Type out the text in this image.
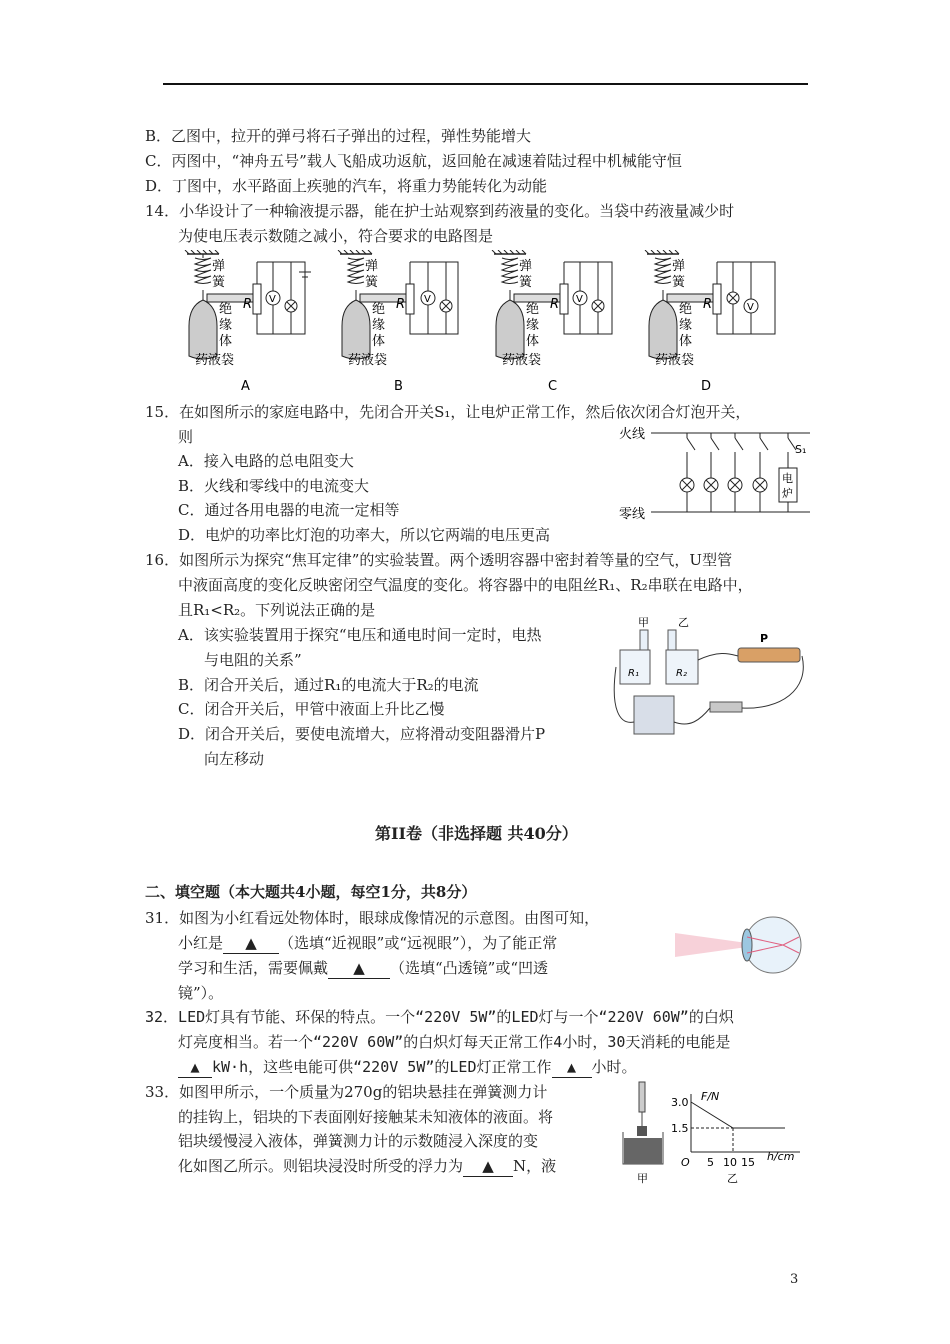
B．乙图中，拉开的弹弓将石子弹出的过程，弹性势能增大
C．丙图中，“神舟五号”载人飞船成功返航，返回舱在减速着陆过程中机械能守恒
D．丁图中，水平路面上疾驰的汽车，将重力势能转化为动能
14．小华设计了一种输液提示器，能在护士站观察到药液量的变化。当袋中药液量减少时
为使电压表示数随之减小，符合要求的电路图是
弹
簧
绝
缘
体
药液袋
R V
A
弹
簧
绝
缘
体
药液袋
R V
B
弹
簧
绝
缘
体
药液袋
R V
C
弹
簧
绝
缘
体
药液袋
R	V
D
15．在如图所示的家庭电路中，先闭合开关S₁，让电炉正常工作，然后依次闭合灯泡开关，
则
A．接入电路的总电阻变大
B．火线和零线中的电流变大
C．通过各用电器的电流一定相等
D．电炉的功率比灯泡的功率大，所以它两端的电压更高
火线
零线
S₁
电
炉
16．如图所示为探究“焦耳定律”的实验装置。两个透明容器中密封着等量的空气，U型管
中液面高度的变化反映密闭空气温度的变化。将容器中的电阻丝R₁、R₂串联在电路中，
且R₁<R₂。下列说法正确的是
A．该实验装置用于探究“电压和通电时间一定时，电热
与电阻的关系”
B．闭合开关后，通过R₁的电流大于R₂的电流
C．闭合开关后，甲管中液面上升比乙慢
D．闭合开关后，要使电流增大，应将滑动变阻器滑片P
向左移动
甲	乙
R₁	R₂
P
第II卷（非选择题 共40分）
二、填空题（本大题共4小题，每空1分，共8分）
31．如图为小红看远处物体时，眼球成像情况的示意图。由图可知，
小红是 ▲ （选填“近视眼”或“远视眼”），为了能正常
学习和生活，需要佩戴 ▲ （选填“凸透镜”或“凹透
镜”）。
32．LED灯具有节能、环保的特点。一个“220V 5W”的LED灯与一个“220V 60W”的白炽
灯亮度相当。若一个“220V 60W”的白炽灯每天正常工作4小时，30天消耗的电能是
▲ kW·h，这些电能可供“220V 5W”的LED灯正常工作 ▲ 小时。
33．如图甲所示，一个质量为270g的铝块悬挂在弹簧测力计
的挂钩上，铝块的下表面刚好接触某未知液体的液面。将
铝块缓慢浸入液体，弹簧测力计的示数随浸入深度的变
化如图乙所示。则铝块浸没时所受的浮力为 ▲ N，液
甲
F/N
3.0
1.5
O 5 10 15 h/cm
乙
3
